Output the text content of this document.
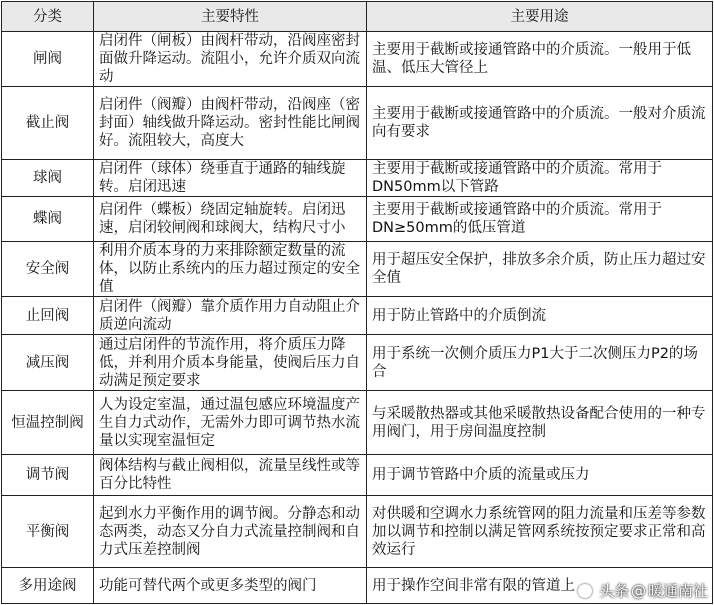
分类	主要特性	主要用途
闸阀	启闭件（闸板）由阀杆带动，沿阀座密封面做升降运动。流阻小，允许介质双向流动	主要用于截断或接通管路中的介质流。一般用于低温、低压大管径上
截止阀	启闭件（阀瓣）由阀杆带动，沿阀座（密封面）轴线做升降运动。密封性能比闸阀好。流阻较大，高度大	主要用于截断或接通管路中的介质流。一般对介质流向有要求
球阀	启闭件（球体）绕垂直于通路的轴线旋转。启闭迅速	主要用于截断或接通管路中的介质流。常用于DN50mm以下管路
蝶阀	启闭件（蝶板）绕固定轴旋转。启闭迅速，启闭较闸阀和球阀大，结构尺寸小	主要用于截断或接通管路中的介质流。常用于DN≥50mm的低压管道
安全阀	利用介质本身的力来排除额定数量的流体，以防止系统内的压力超过预定的安全值	用于超压安全保护，排放多余介质，防止压力超过安全值
止回阀	启闭件（阀瓣）靠介质作用力自动阻止介质逆向流动	用于防止管路中的介质倒流
减压阀	通过启闭件的节流作用，将介质压力降低，并利用介质本身能量，使阀后压力自动满足预定要求	用于系统一次侧介质压力P1大于二次侧压力P2的场合
恒温控制阀	人为设定室温，通过温包感应环境温度产生自力式动作，无需外力即可调节热水流量以实现室温恒定	与采暖散热器或其他采暖散热设备配合使用的一种专用阀门，用于房间温度控制
调节阀	阀体结构与截止阀相似，流量呈线性或等百分比特性	用于调节管路中介质的流量或压力
平衡阀	起到水力平衡作用的调节阀。分静态和动态两类，动态又分自力式流量控制阀和自力式压差控制阀	对供暖和空调水力系统管网的阻力流量和压差等参数加以调节和控制以满足管网系统按预定要求正常和高效运行
多用途阀	功能可替代两个或更多类型的阀门	用于操作空间非常有限的管道上	头条 @ 暖通南社
